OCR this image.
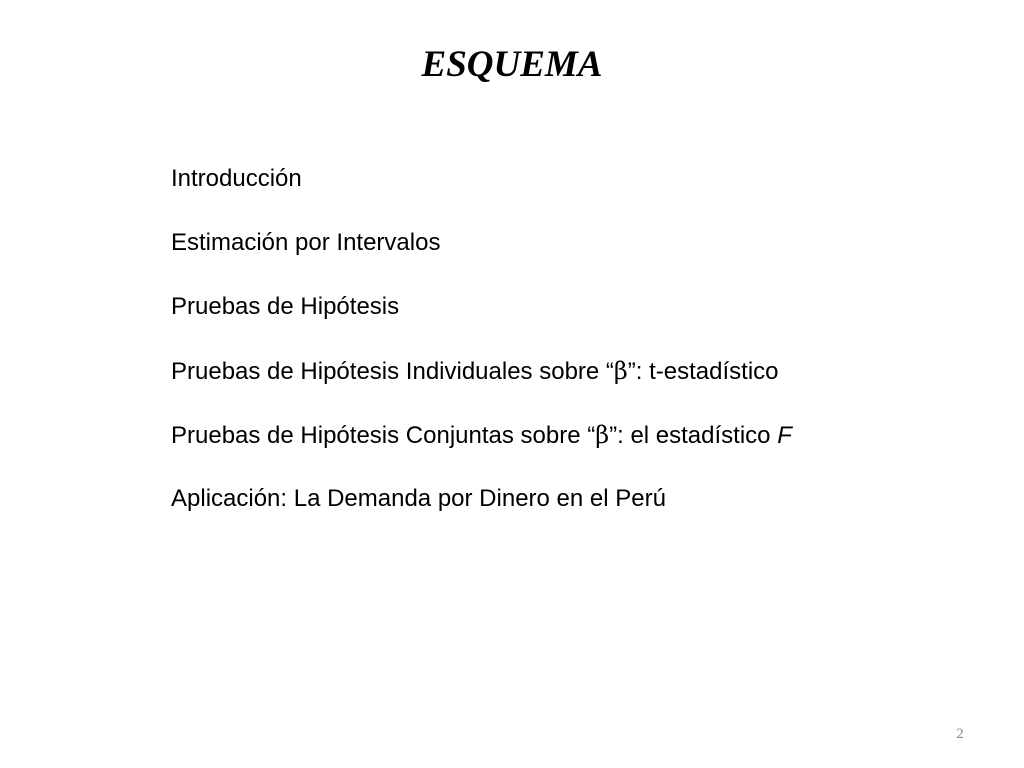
ESQUEMA
Introducción
Estimación por Intervalos
Pruebas de Hipótesis
Pruebas de Hipótesis Individuales sobre “β”: t-estadístico
Pruebas de Hipótesis Conjuntas sobre “β”: el estadístico F
Aplicación: La Demanda por Dinero en el Perú
2
